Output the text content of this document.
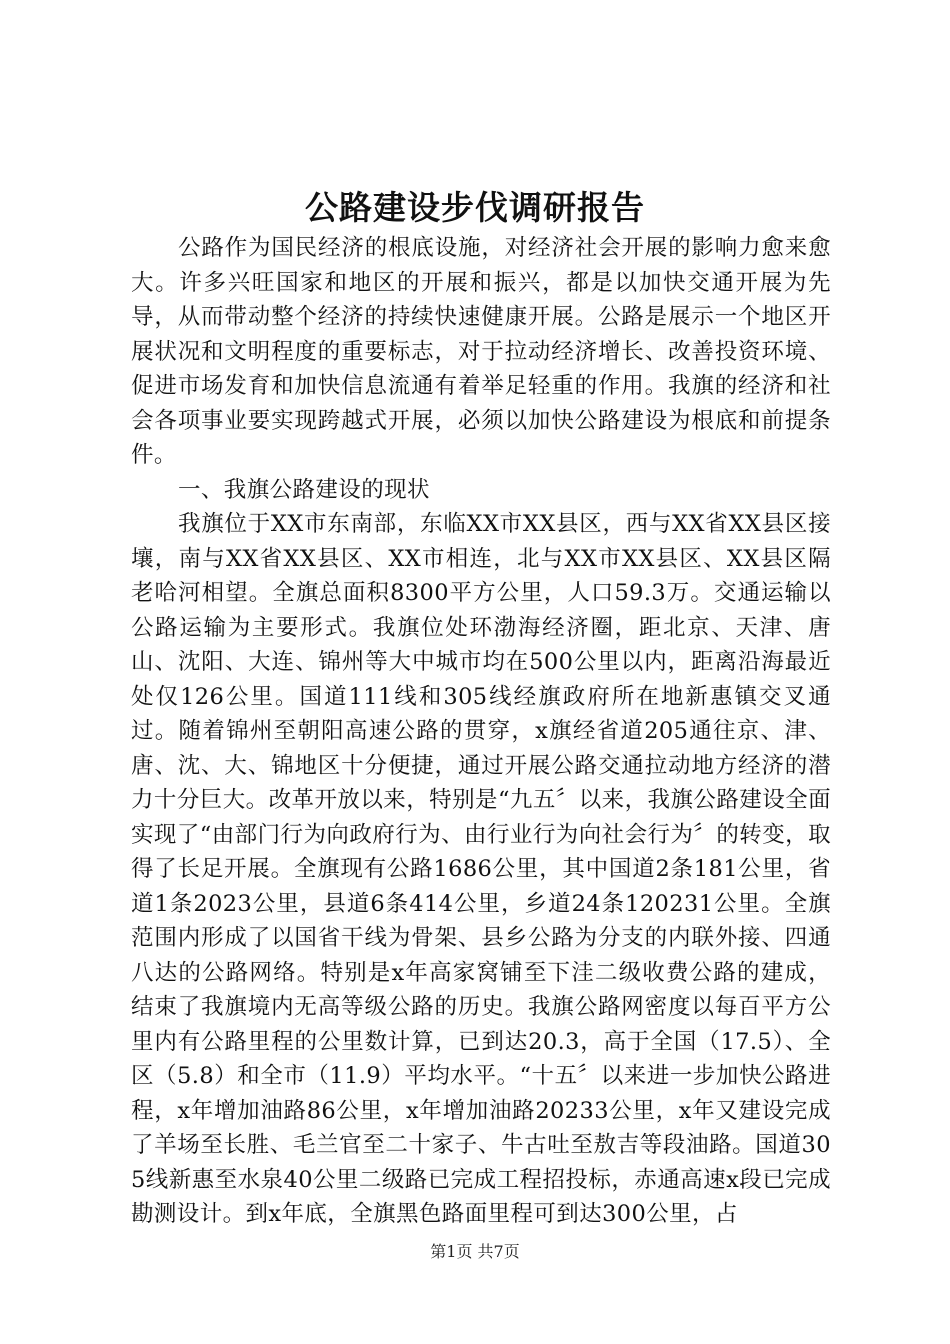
公路建设步伐调研报告

公路作为国民经济的根底设施，对经济社会开展的影响力愈来愈大。许多兴旺国家和地区的开展和振兴，都是以加快交通开展为先导，从而带动整个经济的持续快速健康开展。公路是展示一个地区开展状况和文明程度的重要标志，对于拉动经济增长、改善投资环境、促进市场发育和加快信息流通有着举足轻重的作用。我旗的经济和社会各项事业要实现跨越式开展，必须以加快公路建设为根底和前提条件。

一、我旗公路建设的现状

我旗位于XX市东南部，东临XX市XX县区，西与XX省XX县区接壤，南与XX省XX县区、XX市相连，北与XX市XX县区、XX县区隔老哈河相望。全旗总面积8300平方公里，人口59.3万。交通运输以公路运输为主要形式。我旗位处环渤海经济圈，距北京、天津、唐山、沈阳、大连、锦州等大中城市均在500公里以内，距离沿海最近处仅126公里。国道111线和305线经旗政府所在地新惠镇交叉通过。随着锦州至朝阳高速公路的贯穿，x旗经省道205通往京、津、唐、沈、大、锦地区十分便捷，通过开展公路交通拉动地方经济的潜力十分巨大。改革开放以来，特别是“九五〞以来，我旗公路建设全面实现了“由部门行为向政府行为、由行业行为向社会行为〞的转变，取得了长足开展。全旗现有公路1686公里，其中国道2条181公里，省道1条2023公里，县道6条414公里，乡道24条120231公里。全旗范围内形成了以国省干线为骨架、县乡公路为分支的内联外接、四通八达的公路网络。特别是x年高家窝铺至下洼二级收费公路的建成，结束了我旗境内无高等级公路的历史。我旗公路网密度以每百平方公里内有公路里程的公里数计算，已到达20.3，高于全国（17.5）、全区（5.8）和全市（11.9）平均水平。“十五〞以来进一步加快公路进程，x年增加油路86公里，x年增加油路20233公里，x年又建设完成了羊场至长胜、毛兰官至二十家子、牛古吐至敖吉等段油路。国道305线新惠至水泉40公里二级路已完成工程招投标，赤通高速x段已完成勘测设计。到x年底，全旗黑色路面里程可到达300公里，占

第1页 共7页
